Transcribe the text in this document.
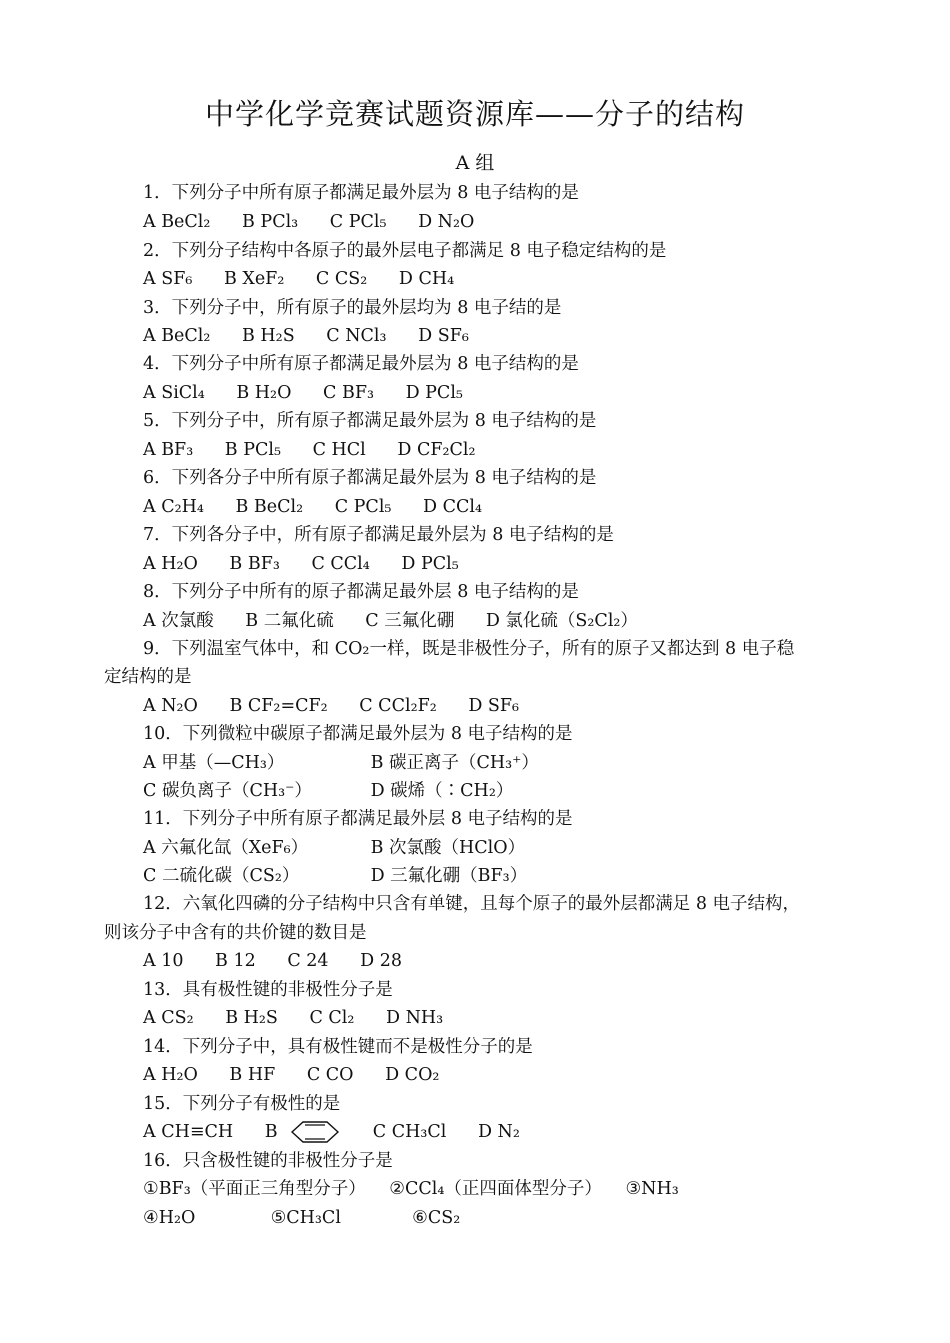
中学化学竞赛试题资源库——分子的结构
A 组
1．下列分子中所有原子都满足最外层为 8 电子结构的是
A BeCl₂ B PCl₃ C PCl₅ D N₂O
2．下列分子结构中各原子的最外层电子都满足 8 电子稳定结构的是
A SF₆ B XeF₂ C CS₂ D CH₄
3．下列分子中，所有原子的最外层均为 8 电子结的是
A BeCl₂ B H₂S C NCl₃ D SF₆
4．下列分子中所有原子都满足最外层为 8 电子结构的是
A SiCl₄ B H₂O C BF₃ D PCl₅
5．下列分子中，所有原子都满足最外层为 8 电子结构的是
A BF₃ B PCl₅ C HCl D CF₂Cl₂
6．下列各分子中所有原子都满足最外层为 8 电子结构的是
A C₂H₄ B BeCl₂ C PCl₅ D CCl₄
7．下列各分子中，所有原子都满足最外层为 8 电子结构的是
A H₂O B BF₃ C CCl₄ D PCl₅
8．下列分子中所有的原子都满足最外层 8 电子结构的是
A 次氯酸 B 二氟化硫 C 三氟化硼 D 氯化硫（S₂Cl₂）
9．下列温室气体中，和 CO₂一样，既是非极性分子，所有的原子又都达到 8 电子稳
定结构的是
A N₂O B CF₂=CF₂ C CCl₂F₂ D SF₆
10．下列微粒中碳原子都满足最外层为 8 电子结构的是
A 甲基（—CH₃）	B 碳正离子（CH₃⁺）
C 碳负离子（CH₃⁻）	D 碳烯（∶CH₂）
11．下列分子中所有原子都满足最外层 8 电子结构的是
A 六氟化氙（XeF₆）	B 次氯酸（HClO）
C 二硫化碳（CS₂）	D 三氟化硼（BF₃）
12．六氧化四磷的分子结构中只含有单键，且每个原子的最外层都满足 8 电子结构，
则该分子中含有的共价键的数目是
A 10 B 12 C 24 D 28
13．具有极性键的非极性分子是
A CS₂ B H₂S C Cl₂ D NH₃
14．下列分子中，具有极性键而不是极性分子的是
A H₂O B HF C CO D CO₂
15．下列分子有极性的是
A CH≡CH B	C CH₃Cl D N₂
16．只含极性键的非极性分子是
①BF₃（平面正三角型分子） ②CCl₄（正四面体型分子） ③NH₃
④H₂O	⑤CH₃Cl	⑥CS₂
